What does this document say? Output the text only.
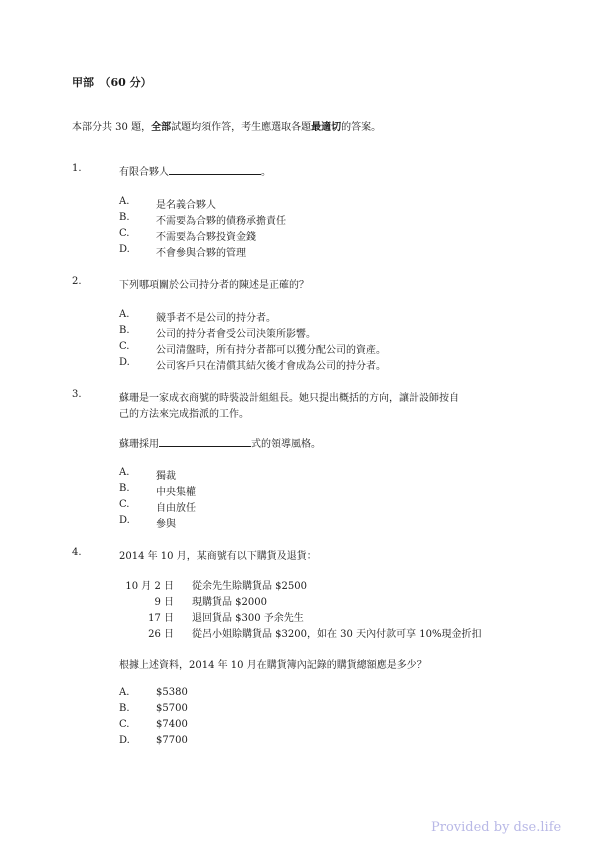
甲部　（60 分）
本部分共 30 題，全部試題均須作答，考生應選取各題最適切的答案。
1.	有限合夥人	。
A.	是名義合夥人
B.	不需要為合夥的債務承擔責任
C.	不需要為合夥投資金錢
D.	不會參與合夥的管理
2.	下列哪項關於公司持分者的陳述是正確的？
A.	競爭者不是公司的持分者。
B.	公司的持分者會受公司決策所影響。
C.	公司清盤時，所有持分者都可以獲分配公司的資產。
D.	公司客戶只在清償其結欠後才會成為公司的持分者。
3.	蘇珊是一家成衣商號的時裝設計組組長。她只提出概括的方向，讓計設師按自
己的方法來完成指派的工作。
蘇珊採用	式的領導風格。
A.	獨裁
B.	中央集權
C.	自由放任
D.	參與
4.	2014 年 10 月，某商號有以下購貨及退貨：
10 月 2 日 從余先生賒購貨品 $2500
9 日 現購貨品 $2000
17 日 退回貨品 $300 予余先生
26 日 從呂小姐賒購貨品 $3200，如在 30 天內付款可享 10%現金折扣
根據上述資料，2014 年 10 月在購貨簿內記錄的購貨總額應是多少？
A.	$5380
B.	$5700
C.	$7400
D.	$7700
Provided by dse.life
